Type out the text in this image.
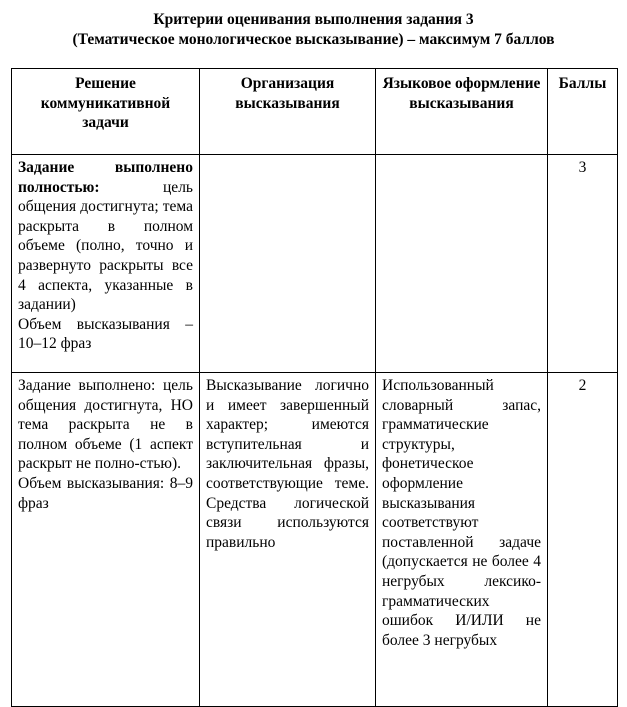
Критерии оценивания выполнения задания 3
(Тематическое монологическое высказывание) – максимум 7 баллов
Решение коммуникативной задачи	Организация высказывания	Языковое оформление высказывания	Баллы

Задание выполнено полностью: цель общения достигнута; тема раскрыта в полном объеме (полно, точно и развернуто раскрыты все 4 аспекта, указанные в задании)
Объем высказывания – 10–12 фраз			3

Задание выполнено: цель общения достигнута, НО тема раскрыта не в полном объеме (1 аспект раскрыт не полно-стью).
Объем высказывания: 8–9 фраз	Высказывание логично и имеет завершенный характер; имеются вступительная и заключительная фразы, соответствующие теме. Средства логической связи используются правильно	Использованный словарный запас, грамматические структуры, фонетическое оформление высказывания соответствуют поставленной задаче (допускается не более 4 негрубых лексико-грамматических ошибок И/ИЛИ не более 3 негрубых	2
